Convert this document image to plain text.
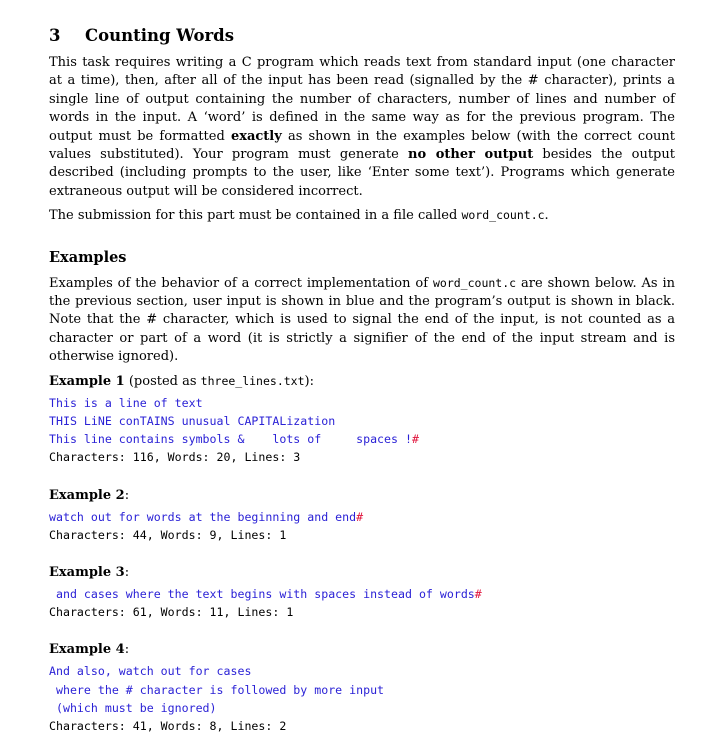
3 Counting Words

This task requires writing a C program which reads text from standard input (one character at a time), then, after all of the input has been read (signalled by the # character), prints a single line of output containing the number of characters, number of lines and number of words in the input. A ‘word’ is defined in the same way as for the previous program. The output must be formatted exactly as shown in the examples below (with the correct count values substituted). Your program must generate no other output besides the output described (including prompts to the user, like ‘Enter some text’). Programs which generate extraneous output will be considered incorrect.

The submission for this part must be contained in a file called word_count.c.

Examples

Examples of the behavior of a correct implementation of word_count.c are shown below. As in the previous section, user input is shown in blue and the program’s output is shown in black. Note that the # character, which is used to signal the end of the input, is not counted as a character or part of a word (it is strictly a signifier of the end of the input stream and is otherwise ignored).

Example 1 (posted as three_lines.txt):
This is a line of text
THIS LiNE conTAINS unusual CAPITALization
This line contains symbols &    lots of     spaces !#
Characters: 116, Words: 20, Lines: 3
Example 2:
watch out for words at the beginning and end#
Characters: 44, Words: 9, Lines: 1
Example 3:
and cases where the text begins with spaces instead of words#
Characters: 61, Words: 11, Lines: 1
Example 4:
And also, watch out for cases
where the # character is followed by more input
(which must be ignored)
Characters: 41, Words: 8, Lines: 2
